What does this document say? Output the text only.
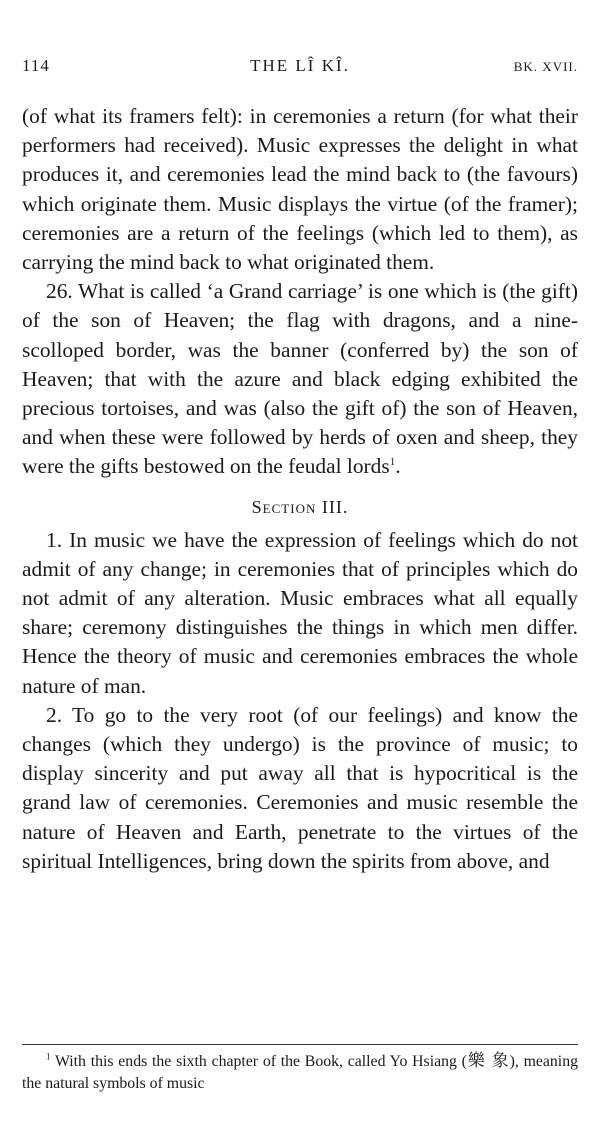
114	THE LÎ KÎ.	BK. XVII.

(of what its framers felt): in ceremonies a return (for what their performers had received). Music expresses the delight in what produces it, and ceremonies lead the mind back to (the favours) which originate them. Music displays the virtue (of the framer); ceremonies are a return of the feelings (which led to them), as carrying the mind back to what originated them.

26. What is called ‘a Grand carriage’ is one which is (the gift) of the son of Heaven; the flag with dragons, and a nine-scolloped border, was the banner (conferred by) the son of Heaven; that with the azure and black edging exhibited the precious tortoises, and was (also the gift of) the son of Heaven, and when these were followed by herds of oxen and sheep, they were the gifts bestowed on the feudal lords$^1$.

Section III.

1. In music we have the expression of feelings which do not admit of any change; in ceremonies that of principles which do not admit of any alteration. Music embraces what all equally share; ceremony distinguishes the things in which men differ. Hence the theory of music and ceremonies embraces the whole nature of man.

2. To go to the very root (of our feelings) and know the changes (which they undergo) is the province of music; to display sincerity and put away all that is hypocritical is the grand law of ceremonies. Ceremonies and music resemble the nature of Heaven and Earth, penetrate to the virtues of the spiritual Intelligences, bring down the spirits from above, and

$^1$ With this ends the sixth chapter of the Book, called Yo Hsiang (樂 象), meaning the natural symbols of music
